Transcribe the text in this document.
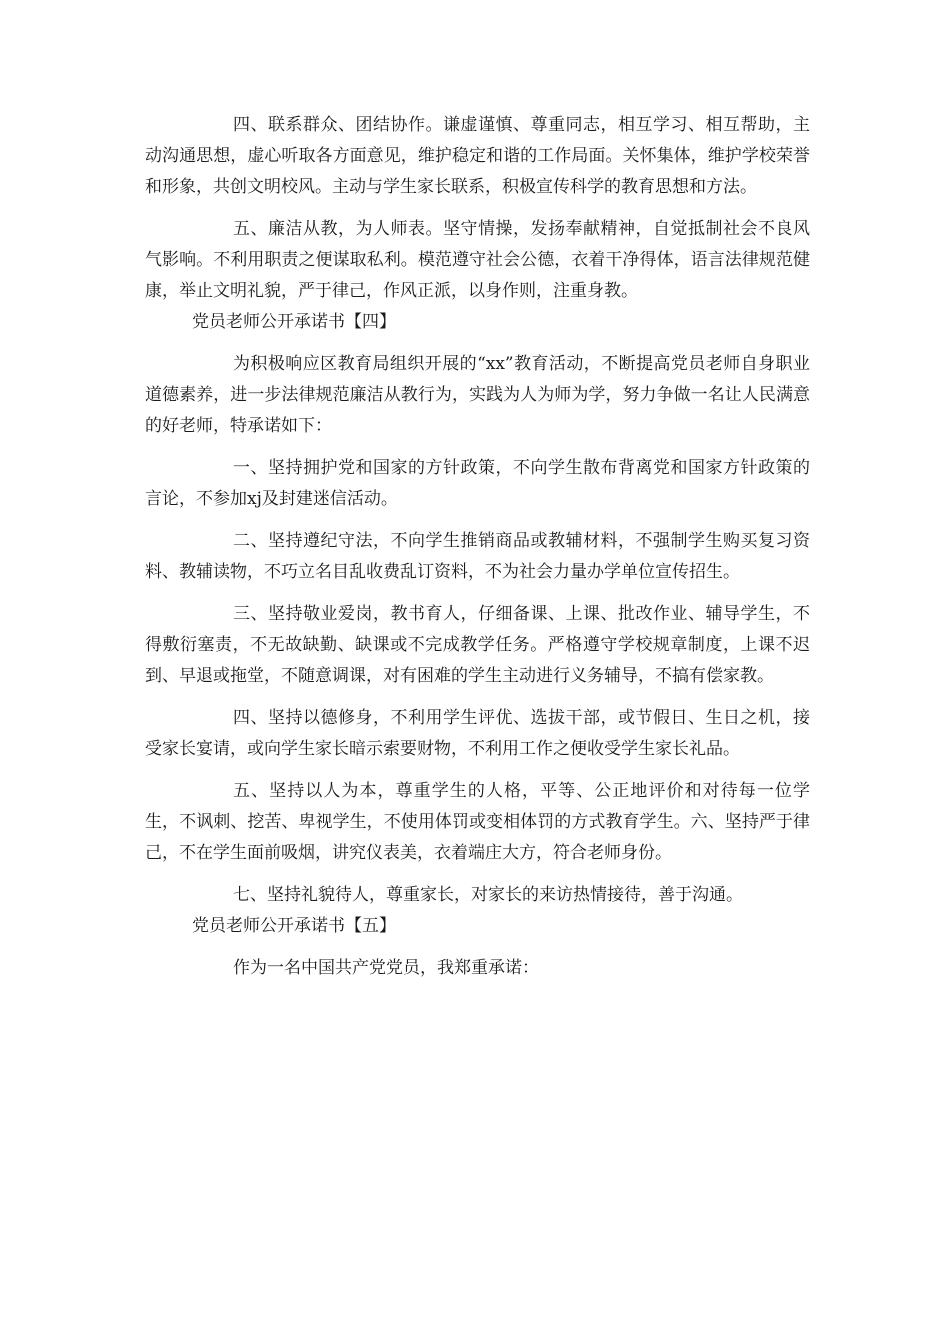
四、联系群众、团结协作。谦虚谨慎、尊重同志，相互学习、相互帮助，主动沟通思想，虚心听取各方面意见，维护稳定和谐的工作局面。关怀集体，维护学校荣誉和形象，共创文明校风。主动与学生家长联系，积极宣传科学的教育思想和方法。

五、廉洁从教，为人师表。坚守情操，发扬奉献精神，自觉抵制社会不良风气影响。不利用职责之便谋取私利。模范遵守社会公德，衣着干净得体，语言法律规范健康，举止文明礼貌，严于律己，作风正派，以身作则，注重身教。

党员老师公开承诺书【四】

为积极响应区教育局组织开展的“xx”教育活动，不断提高党员老师自身职业道德素养，进一步法律规范廉洁从教行为，实践为人为师为学，努力争做一名让人民满意的好老师，特承诺如下：

一、坚持拥护党和国家的方针政策，不向学生散布背离党和国家方针政策的言论，不参加xj及封建迷信活动。

二、坚持遵纪守法，不向学生推销商品或教辅材料，不强制学生购买复习资料、教辅读物，不巧立名目乱收费乱订资料，不为社会力量办学单位宣传招生。

三、坚持敬业爱岗，教书育人，仔细备课、上课、批改作业、辅导学生，不得敷衍塞责，不无故缺勤、缺课或不完成教学任务。严格遵守学校规章制度，上课不迟到、早退或拖堂，不随意调课，对有困难的学生主动进行义务辅导，不搞有偿家教。

四、坚持以德修身，不利用学生评优、选拔干部，或节假日、生日之机，接受家长宴请，或向学生家长暗示索要财物，不利用工作之便收受学生家长礼品。

五、坚持以人为本，尊重学生的人格，平等、公正地评价和对待每一位学生，不讽刺、挖苦、卑视学生，不使用体罚或变相体罚的方式教育学生。六、坚持严于律己，不在学生面前吸烟，讲究仪表美，衣着端庄大方，符合老师身份。

七、坚持礼貌待人，尊重家长，对家长的来访热情接待，善于沟通。

党员老师公开承诺书【五】

作为一名中国共产党党员，我郑重承诺：
